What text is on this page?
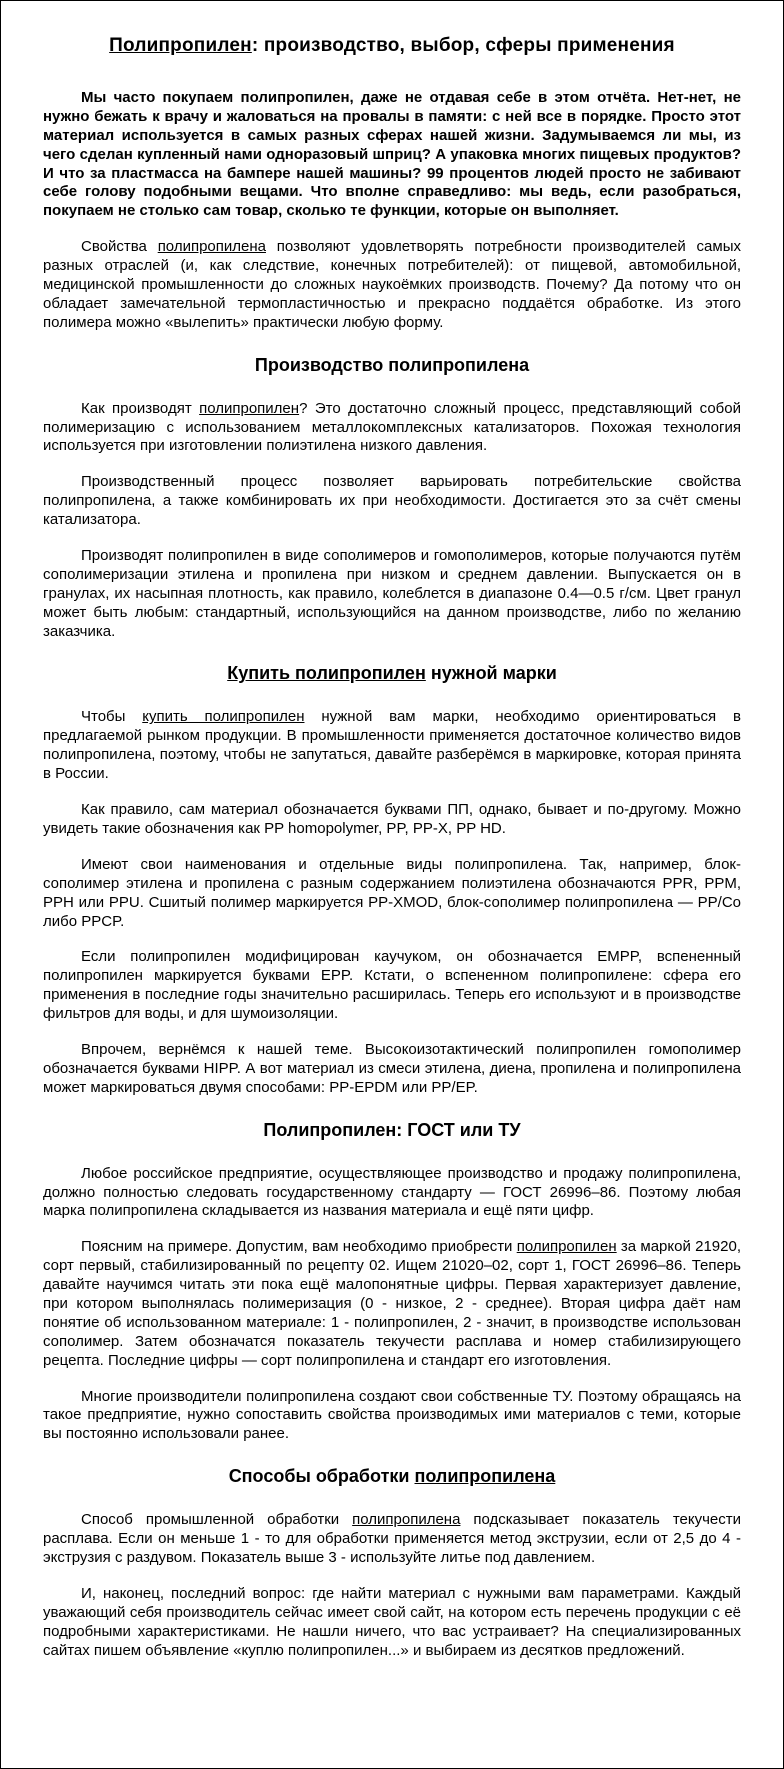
Полипропилен: производство, выбор, сферы применения

Мы часто покупаем полипропилен, даже не отдавая себе в этом отчёта. Нет-нет, не нужно бежать к врачу и жаловаться на провалы в памяти: с ней все в порядке. Просто этот материал используется в самых разных сферах нашей жизни. Задумываемся ли мы, из чего сделан купленный нами одноразовый шприц? А упаковка многих пищевых продуктов? И что за пластмасса на бампере нашей машины? 99 процентов людей просто не забивают себе голову подобными вещами. Что вполне справедливо: мы ведь, если разобраться, покупаем не столько сам товар, сколько те функции, которые он выполняет.

Свойства полипропилена позволяют удовлетворять потребности производителей самых разных отраслей (и, как следствие, конечных потребителей): от пищевой, автомобильной, медицинской промышленности до сложных наукоёмких производств. Почему? Да потому что он обладает замечательной термопластичностью и прекрасно поддаётся обработке. Из этого полимера можно «вылепить» практически любую форму.

Производство полипропилена

Как производят полипропилен? Это достаточно сложный процесс, представляющий собой полимеризацию с использованием металлокомплексных катализаторов. Похожая технология используется при изготовлении полиэтилена низкого давления.

Производственный процесс позволяет варьировать потребительские свойства полипропилена, а также комбинировать их при необходимости. Достигается это за счёт смены катализатора.

Производят полипропилен в виде сополимеров и гомополимеров, которые получаются путём сополимеризации этилена и пропилена при низком и среднем давлении. Выпускается он в гранулах, их насыпная плотность, как правило, колеблется в диапазоне 0.4—0.5 г/см. Цвет гранул может быть любым: стандартный, использующийся на данном производстве, либо по желанию заказчика.

Купить полипропилен нужной марки

Чтобы купить полипропилен нужной вам марки, необходимо ориентироваться в предлагаемой рынком продукции. В промышленности применяется достаточное количество видов полипропилена, поэтому, чтобы не запутаться, давайте разберёмся в маркировке, которая принята в России.

Как правило, сам материал обозначается буквами ПП, однако, бывает и по-другому. Можно увидеть такие обозначения как PP homopolymer, PP, PP-X, PP HD.

Имеют свои наименования и отдельные виды полипропилена. Так, например, блок-сополимер этилена и пропилена с разным содержанием полиэтилена обозначаются PPR, PPM, PPH или PPU. Сшитый полимер маркируется PP-XMOD, блок-сополимер полипропилена — PP/Co либо PPCP.

Если полипропилен модифицирован каучуком, он обозначается EMPP, вспененный полипропилен маркируется буквами EPP. Кстати, о вспененном полипропилене: сфера его применения в последние годы значительно расширилась. Теперь его используют и в производстве фильтров для воды, и для шумоизоляции.

Впрочем, вернёмся к нашей теме. Высокоизотактический полипропилен гомополимер обозначается буквами HIPP. А вот материал из смеси этилена, диена, пропилена и полипропилена может маркироваться двумя способами: PP-EPDM или PP/EP.

Полипропилен: ГОСТ или ТУ

Любое российское предприятие, осуществляющее производство и продажу полипропилена, должно полностью следовать государственному стандарту — ГОСТ 26996–86. Поэтому любая марка полипропилена складывается из названия материала и ещё пяти цифр.

Поясним на примере. Допустим, вам необходимо приобрести полипропилен за маркой 21920, сорт первый, стабилизированный по рецепту 02. Ищем 21020–02, сорт 1, ГОСТ 26996–86. Теперь давайте научимся читать эти пока ещё малопонятные цифры. Первая характеризует давление, при котором выполнялась полимеризация (0 - низкое, 2 - среднее). Вторая цифра даёт нам понятие об использованном материале: 1 - полипропилен, 2 - значит, в производстве использован сополимер. Затем обозначатся показатель текучести расплава и номер стабилизирующего рецепта. Последние цифры — сорт полипропилена и стандарт его изготовления.

Многие производители полипропилена создают свои собственные ТУ. Поэтому обращаясь на такое предприятие, нужно сопоставить свойства производимых ими материалов с теми, которые вы постоянно использовали ранее.

Способы обработки полипропилена

Способ промышленной обработки полипропилена подсказывает показатель текучести расплава. Если он меньше 1 - то для обработки применяется метод экструзии, если от 2,5 до 4 - экструзия с раздувом. Показатель выше 3 - используйте литье под давлением.

И, наконец, последний вопрос: где найти материал с нужными вам параметрами. Каждый уважающий себя производитель сейчас имеет свой сайт, на котором есть перечень продукции с её подробными характеристиками. Не нашли ничего, что вас устраивает? На специализированных сайтах пишем объявление «куплю полипропилен...» и выбираем из десятков предложений.
